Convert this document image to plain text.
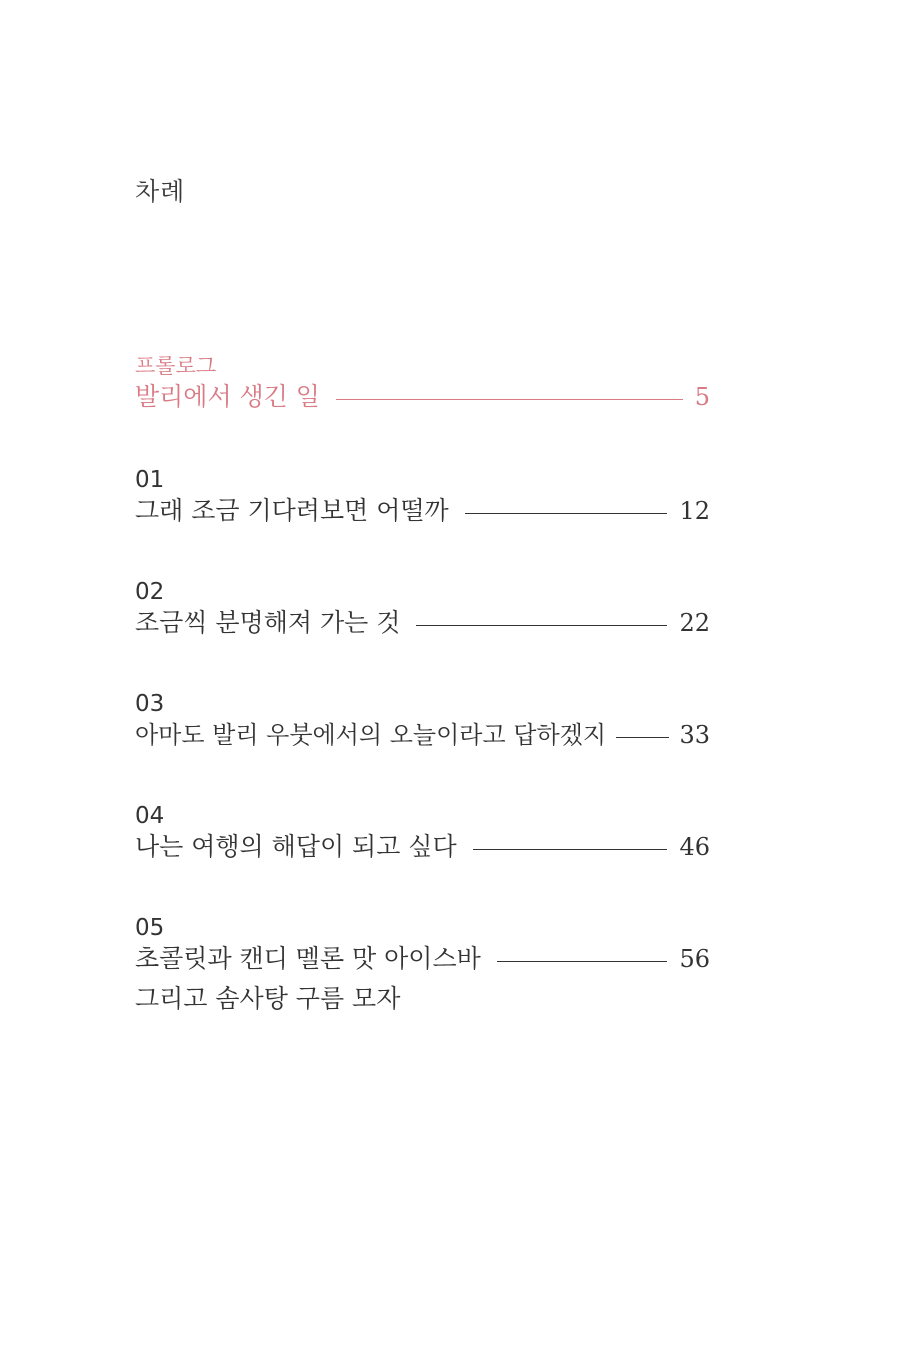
차례
프롤로그
발리에서 생긴 일	5
01
그래 조금 기다려보면 어떨까	12
02
조금씩 분명해져 가는 것	22
03
아마도 발리 우붓에서의 오늘이라고 답하겠지	33
04
나는 여행의 해답이 되고 싶다	46
05
초콜릿과 캔디 멜론 맛 아이스바	56
그리고 솜사탕 구름 모자
